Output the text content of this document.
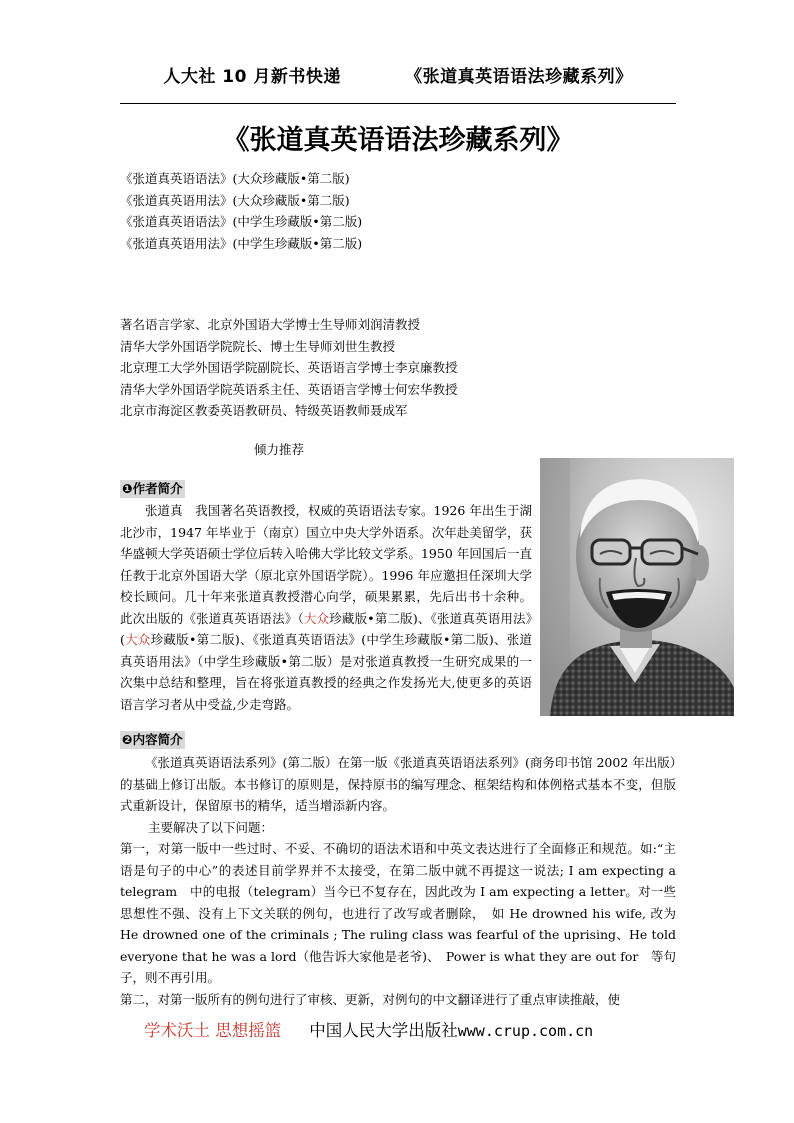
人大社 10 月新书快递	《张道真英语语法珍藏系列》
《张道真英语语法珍藏系列》
《张道真英语语法》(大众珍藏版•第二版)
《张道真英语用法》(大众珍藏版•第二版)
《张道真英语语法》(中学生珍藏版•第二版)
《张道真英语用法》(中学生珍藏版•第二版)
著名语言学家、北京外国语大学博士生导师刘润清教授
清华大学外国语学院院长、博士生导师刘世生教授
北京理工大学外国语学院副院长、英语语言学博士李京廉教授
清华大学外国语学院英语系主任、英语语言学博士何宏华教授
北京市海淀区教委英语教研员、特级英语教师聂成军
倾力推荐
❶作者简介

张道真　我国著名英语教授，权威的英语语法专家。1926 年出生于湖北沙市，1947 年毕业于（南京）国立中央大学外语系。次年赴美留学，获华盛顿大学英语硕士学位后转入哈佛大学比较文学系。1950 年回国后一直任教于北京外国语大学（原北京外国语学院）。1996 年应邀担任深圳大学校长顾问。几十年来张道真教授潜心向学，硕果累累，先后出书十余种。此次出版的《张道真英语语法》（大众珍藏版•第二版)、《张道真英语用法》(大众珍藏版•第二版)、《张道真英语语法》(中学生珍藏版•第二版)、张道真英语用法》（中学生珍藏版•第二版）是对张道真教授一生研究成果的一次集中总结和整理，旨在将张道真教授的经典之作发扬光大,使更多的英语语言学习者从中受益,少走弯路。

❷内容简介

《张道真英语语法系列》(第二版）在第一版《张道真英语语法系列》(商务印书馆 2002 年出版）的基础上修订出版。本书修订的原则是，保持原书的编写理念、框架结构和体例格式基本不变，但版式重新设计，保留原书的精华，适当增添新内容。

主要解决了以下问题：

第一，对第一版中一些过时、不妥、不确切的语法术语和中英文表达进行了全面修正和规范。如:“主语是句子的中心”的表述目前学界并不太接受，在第二版中就不再提这一说法; I am expecting a telegram　中的电报（telegram）当今已不复存在，因此改为 I am expecting a letter。对一些思想性不强、没有上下文关联的例句，也进行了改写或者删除，　如 He drowned his wife, 改为 He drowned one of the criminals ; The ruling class was fearful of the uprising、He told everyone that he was a lord（他告诉大家他是老爷)、　Power is what they are out for　等句子，则不再引用。

第二，对第一版所有的例句进行了审核、更新，对例句的中文翻译进行了重点审读推敲，使

学术沃土 思想摇篮 中国人民大学出版社www.crup.com.cn
